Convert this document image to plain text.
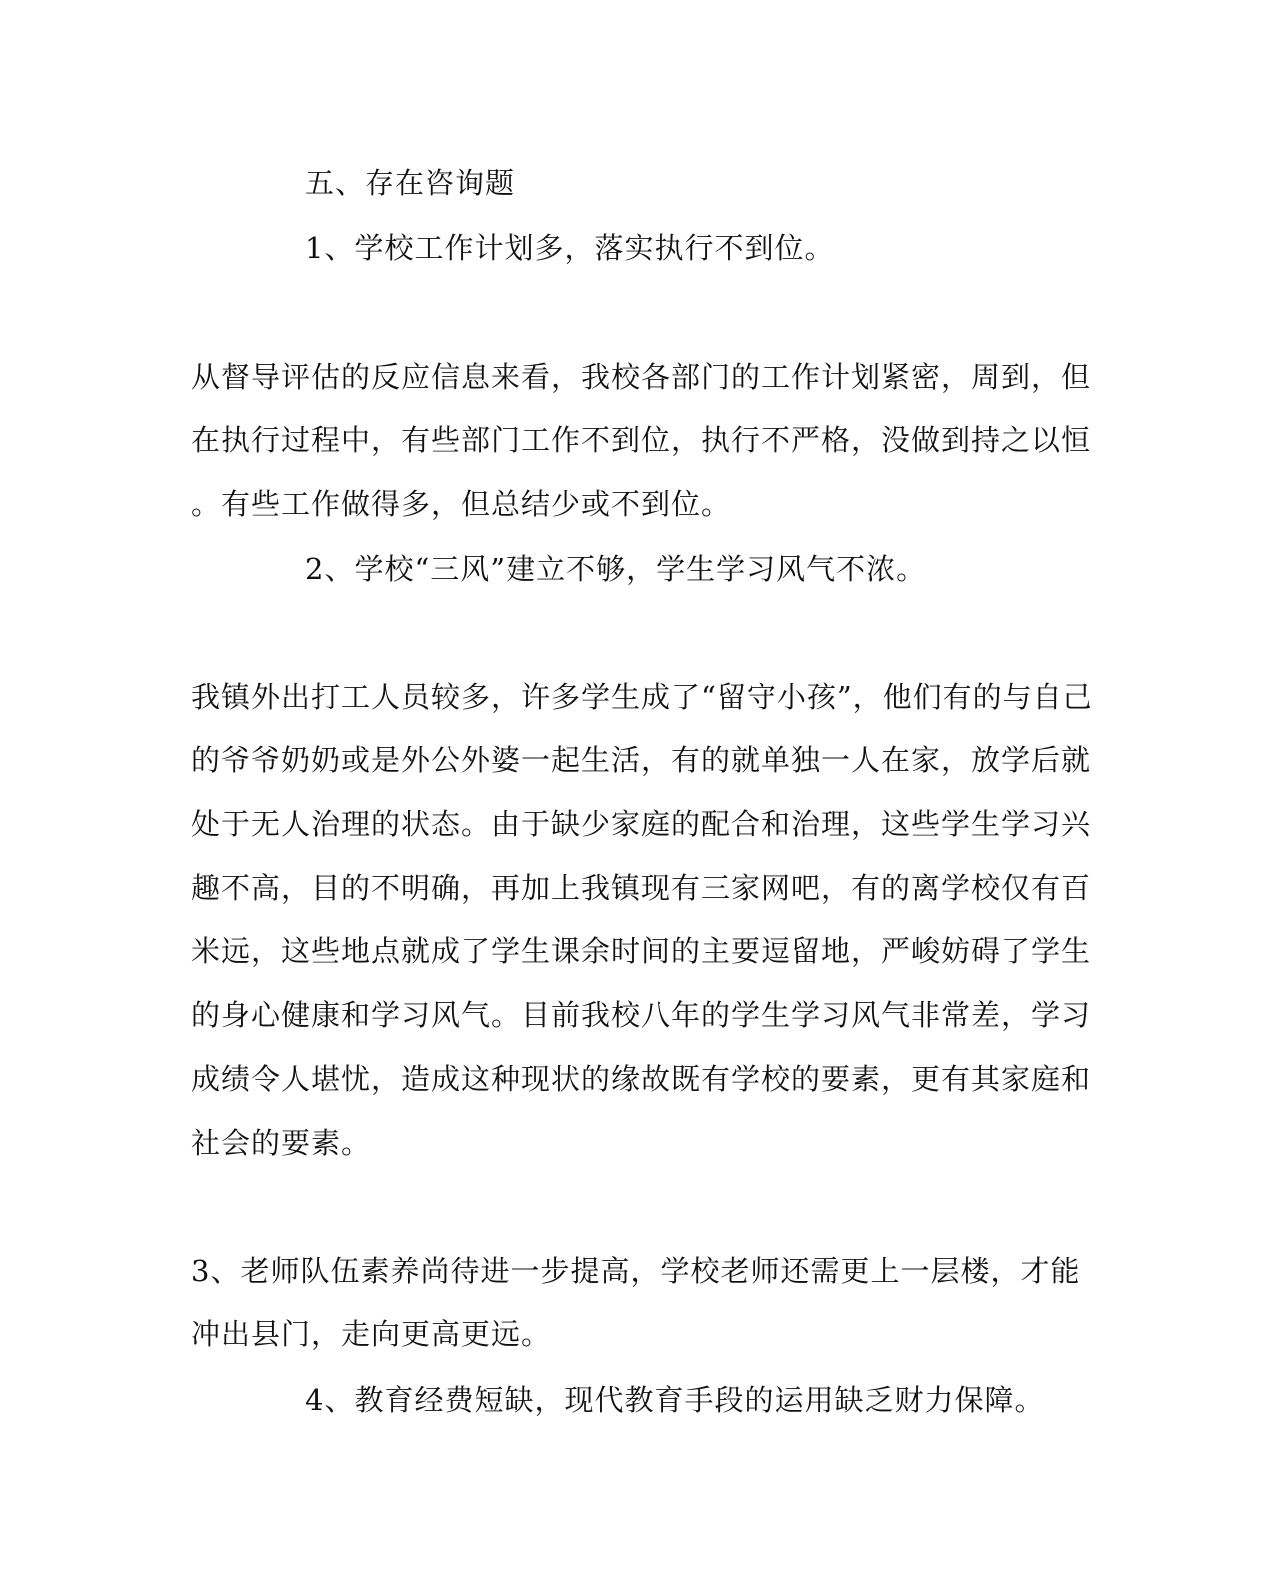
五、存在咨询题
1、学校工作计划多，落实执行不到位。
从督导评估的反应信息来看，我校各部门的工作计划紧密，周到，但
在执行过程中，有些部门工作不到位，执行不严格，没做到持之以恒
。有些工作做得多，但总结少或不到位。
2、学校“三风”建立不够，学生学习风气不浓。
我镇外出打工人员较多，许多学生成了“留守小孩”，他们有的与自己
的爷爷奶奶或是外公外婆一起生活，有的就单独一人在家，放学后就
处于无人治理的状态。由于缺少家庭的配合和治理，这些学生学习兴
趣不高，目的不明确，再加上我镇现有三家网吧，有的离学校仅有百
米远，这些地点就成了学生课余时间的主要逗留地，严峻妨碍了学生
的身心健康和学习风气。目前我校八年的学生学习风气非常差，学习
成绩令人堪忧，造成这种现状的缘故既有学校的要素，更有其家庭和
社会的要素。
3、老师队伍素养尚待进一步提高，学校老师还需更上一层楼，才能
冲出县门，走向更高更远。
4、教育经费短缺，现代教育手段的运用缺乏财力保障。
